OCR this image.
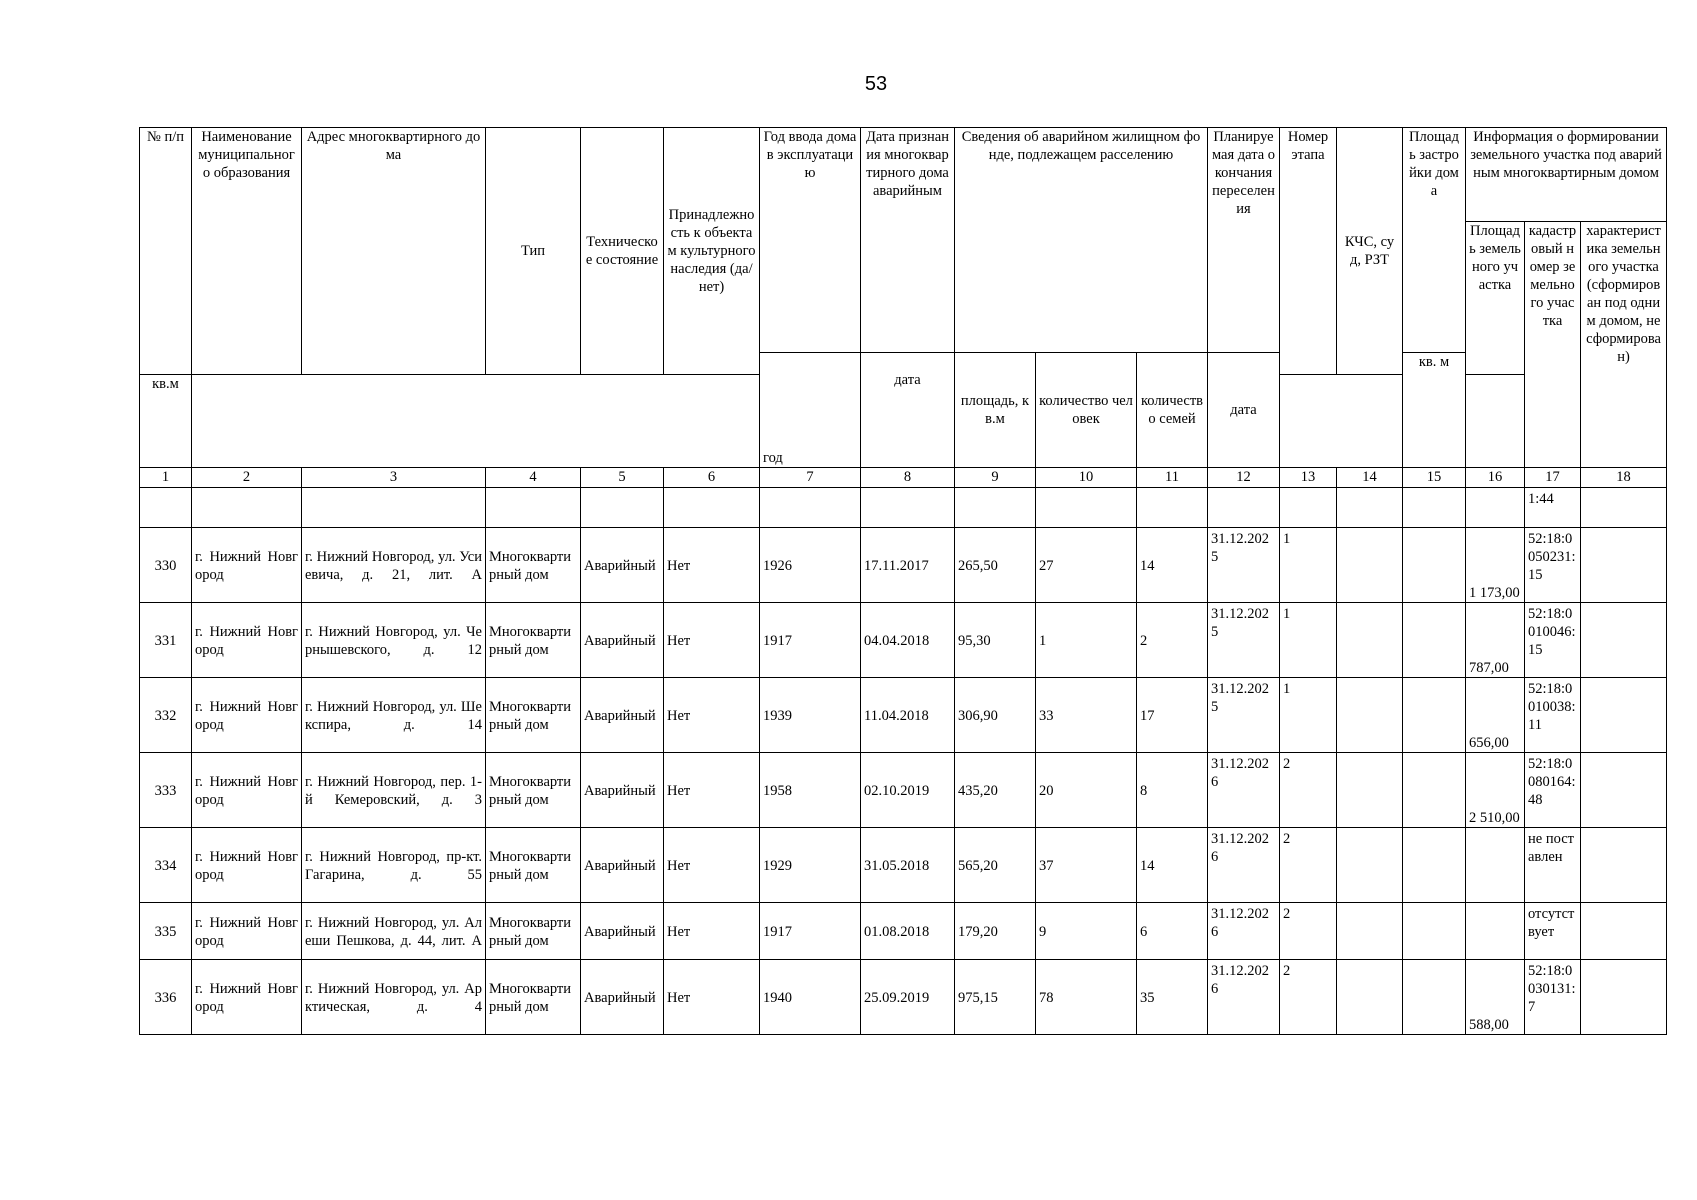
53
№ п/п	Наименование муниципального образования	Адрес многоквартирного дома	Тип	Техническое состояние	Принадлежность к объектам культурного наследия (да/нет)	Год ввода дома в эксплуатацию	Дата признания многоквартирного дома аварийным	Сведения об аварийном жилищном фонде, подлежащем расселению			Планируемая дата окончания переселения	Номер этапа	КЧС, суд, РЗТ	Площадь застройки дома	Информация о формировании земельного участка под аварийным многоквартирным домом		
															Площадь земельного участка	кадастровый номер земельного участка	характеристика земельного участка (сформирован под одним домом, не сформирован)
						год	дата	площадь, кв.м	количество человек	количество семей	дата			кв. м			
кв.м																	
1	2	3	4	5	6	7	8	9	10	11	12	13	14	15	16	17	18
																1:44	
330	г. Нижний Новгород	г. Нижний Новгород, ул. Усиевича, д. 21, лит. А	Многоквартирный дом	Аварийный	Нет	1926	17.11.2017	265,50	27	14	31.12.2025	1			1 173,00	52:18:0050231:15	
331	г. Нижний Новгород	г. Нижний Новгород, ул. Чернышевского, д. 12	Многоквартирный дом	Аварийный	Нет	1917	04.04.2018	95,30	1	2	31.12.2025	1			787,00	52:18:0010046:15	
332	г. Нижний Новгород	г. Нижний Новгород, ул. Шекспира, д. 14	Многоквартирный дом	Аварийный	Нет	1939	11.04.2018	306,90	33	17	31.12.2025	1			656,00	52:18:0010038:11	
333	г. Нижний Новгород	г. Нижний Новгород, пер. 1-й Кемеровский, д. 3	Многоквартирный дом	Аварийный	Нет	1958	02.10.2019	435,20	20	8	31.12.2026	2			2 510,00	52:18:0080164:48	
334	г. Нижний Новгород	г. Нижний Новгород, пр-кт. Гагарина, д. 55	Многоквартирный дом	Аварийный	Нет	1929	31.05.2018	565,20	37	14	31.12.2026	2				не поставлен	
335	г. Нижний Новгород	г. Нижний Новгород, ул. Алеши Пешкова, д. 44, лит. А	Многоквартирный дом	Аварийный	Нет	1917	01.08.2018	179,20	9	6	31.12.2026	2				отсутствует	
336	г. Нижний Новгород	г. Нижний Новгород, ул. Арктическая, д. 4	Многоквартирный дом	Аварийный	Нет	1940	25.09.2019	975,15	78	35	31.12.2026	2			588,00	52:18:0030131:7	
